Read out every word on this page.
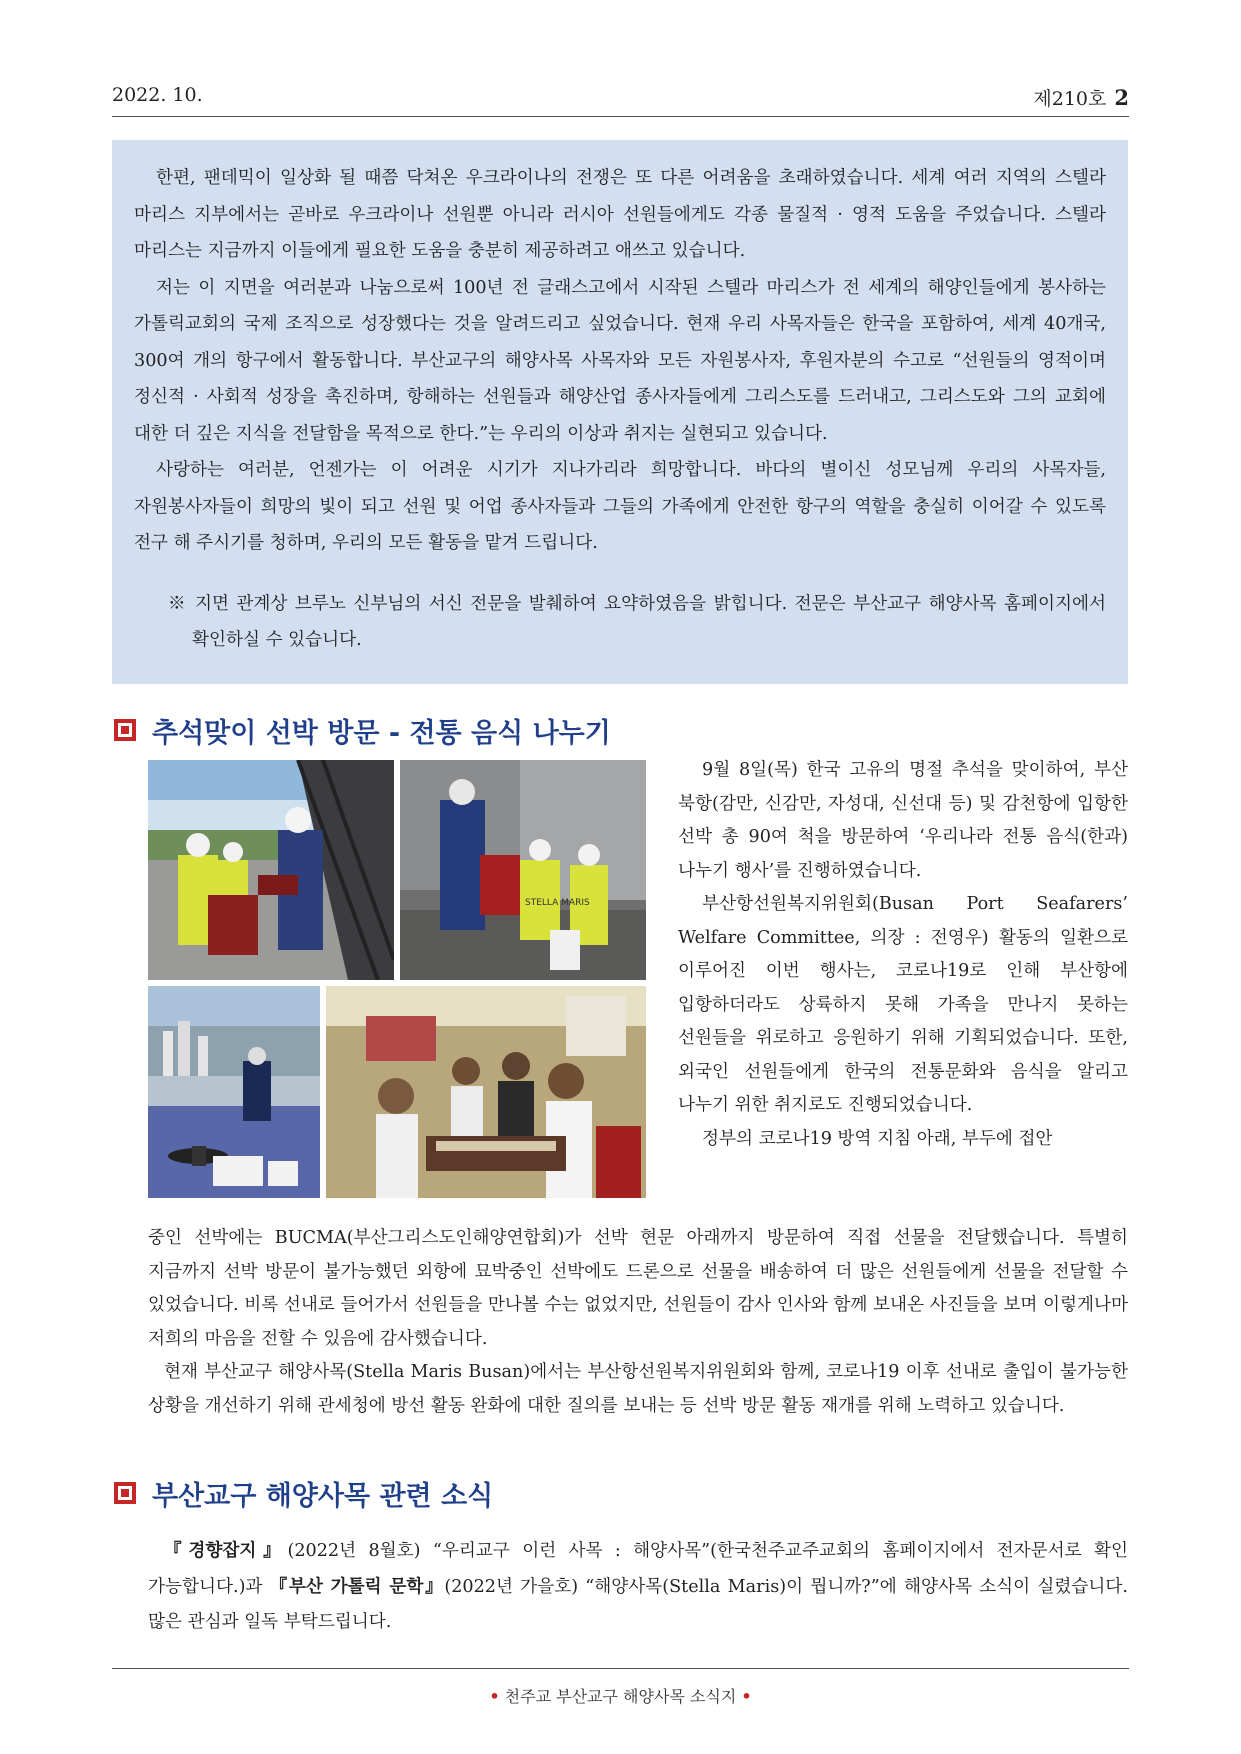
2022. 10.	제210호 2

한편, 팬데믹이 일상화 될 때쯤 닥쳐온 우크라이나의 전쟁은 또 다른 어려움을 초래하였습니다. 세계 여러 지역의 스텔라 마리스 지부에서는 곧바로 우크라이나 선원뿐 아니라 러시아 선원들에게도 각종 물질적 · 영적 도움을 주었습니다. 스텔라 마리스는 지금까지 이들에게 필요한 도움을 충분히 제공하려고 애쓰고 있습니다.

저는 이 지면을 여러분과 나눔으로써 100년 전 글래스고에서 시작된 스텔라 마리스가 전 세계의 해양인들에게 봉사하는 가톨릭교회의 국제 조직으로 성장했다는 것을 알려드리고 싶었습니다. 현재 우리 사목자들은 한국을 포함하여, 세계 40개국, 300여 개의 항구에서 활동합니다. 부산교구의 해양사목 사목자와 모든 자원봉사자, 후원자분의 수고로 “선원들의 영적이며 정신적 · 사회적 성장을 촉진하며, 항해하는 선원들과 해양산업 종사자들에게 그리스도를 드러내고, 그리스도와 그의 교회에 대한 더 깊은 지식을 전달함을 목적으로 한다.”는 우리의 이상과 취지는 실현되고 있습니다.

사랑하는 여러분, 언젠가는 이 어려운 시기가 지나가리라 희망합니다. 바다의 별이신 성모님께 우리의 사목자들, 자원봉사자들이 희망의 빛이 되고 선원 및 어업 종사자들과 그들의 가족에게 안전한 항구의 역할을 충실히 이어갈 수 있도록 전구 해 주시기를 청하며, 우리의 모든 활동을 맡겨 드립니다.

※ 지면 관계상 브루노 신부님의 서신 전문을 발췌하여 요약하였음을 밝힙니다. 전문은 부산교구 해양사목 홈페이지에서 확인하실 수 있습니다.

추석맞이 선박 방문 - 전통 음식 나누기
STELLA MARIS

9월 8일(목) 한국 고유의 명절 추석을 맞이하여, 부산 북항(감만, 신감만, 자성대, 신선대 등) 및 감천항에 입항한 선박 총 90여 척을 방문하여 ‘우리나라 전통 음식(한과) 나누기 행사’를 진행하였습니다.

부산항선원복지위원회(Busan Port Seafarers’ Welfare Committee, 의장 : 전영우) 활동의 일환으로 이루어진 이번 행사는, 코로나19로 인해 부산항에 입항하더라도 상륙하지 못해 가족을 만나지 못하는 선원들을 위로하고 응원하기 위해 기획되었습니다. 또한, 외국인 선원들에게 한국의 전통문화와 음식을 알리고 나누기 위한 취지로도 진행되었습니다.

정부의 코로나19 방역 지침 아래, 부두에 접안

중인 선박에는 BUCMA(부산그리스도인해양연합회)가 선박 현문 아래까지 방문하여 직접 선물을 전달했습니다. 특별히 지금까지 선박 방문이 불가능했던 외항에 묘박중인 선박에도 드론으로 선물을 배송하여 더 많은 선원들에게 선물을 전달할 수 있었습니다. 비록 선내로 들어가서 선원들을 만나볼 수는 없었지만, 선원들이 감사 인사와 함께 보내온 사진들을 보며 이렇게나마 저희의 마음을 전할 수 있음에 감사했습니다.

현재 부산교구 해양사목(Stella Maris Busan)에서는 부산항선원복지위원회와 함께, 코로나19 이후 선내로 출입이 불가능한 상황을 개선하기 위해 관세청에 방선 활동 완화에 대한 질의를 보내는 등 선박 방문 활동 재개를 위해 노력하고 있습니다.

부산교구 해양사목 관련 소식

『경향잡지』(2022년 8월호) “우리교구 이런 사목 : 해양사목”(한국천주교주교회의 홈페이지에서 전자문서로 확인 가능합니다.)과 『부산 가톨릭 문학』(2022년 가을호) “해양사목(Stella Maris)이 뭡니까?”에 해양사목 소식이 실렸습니다. 많은 관심과 일독 부탁드립니다.

• 천주교 부산교구 해양사목 소식지 •
